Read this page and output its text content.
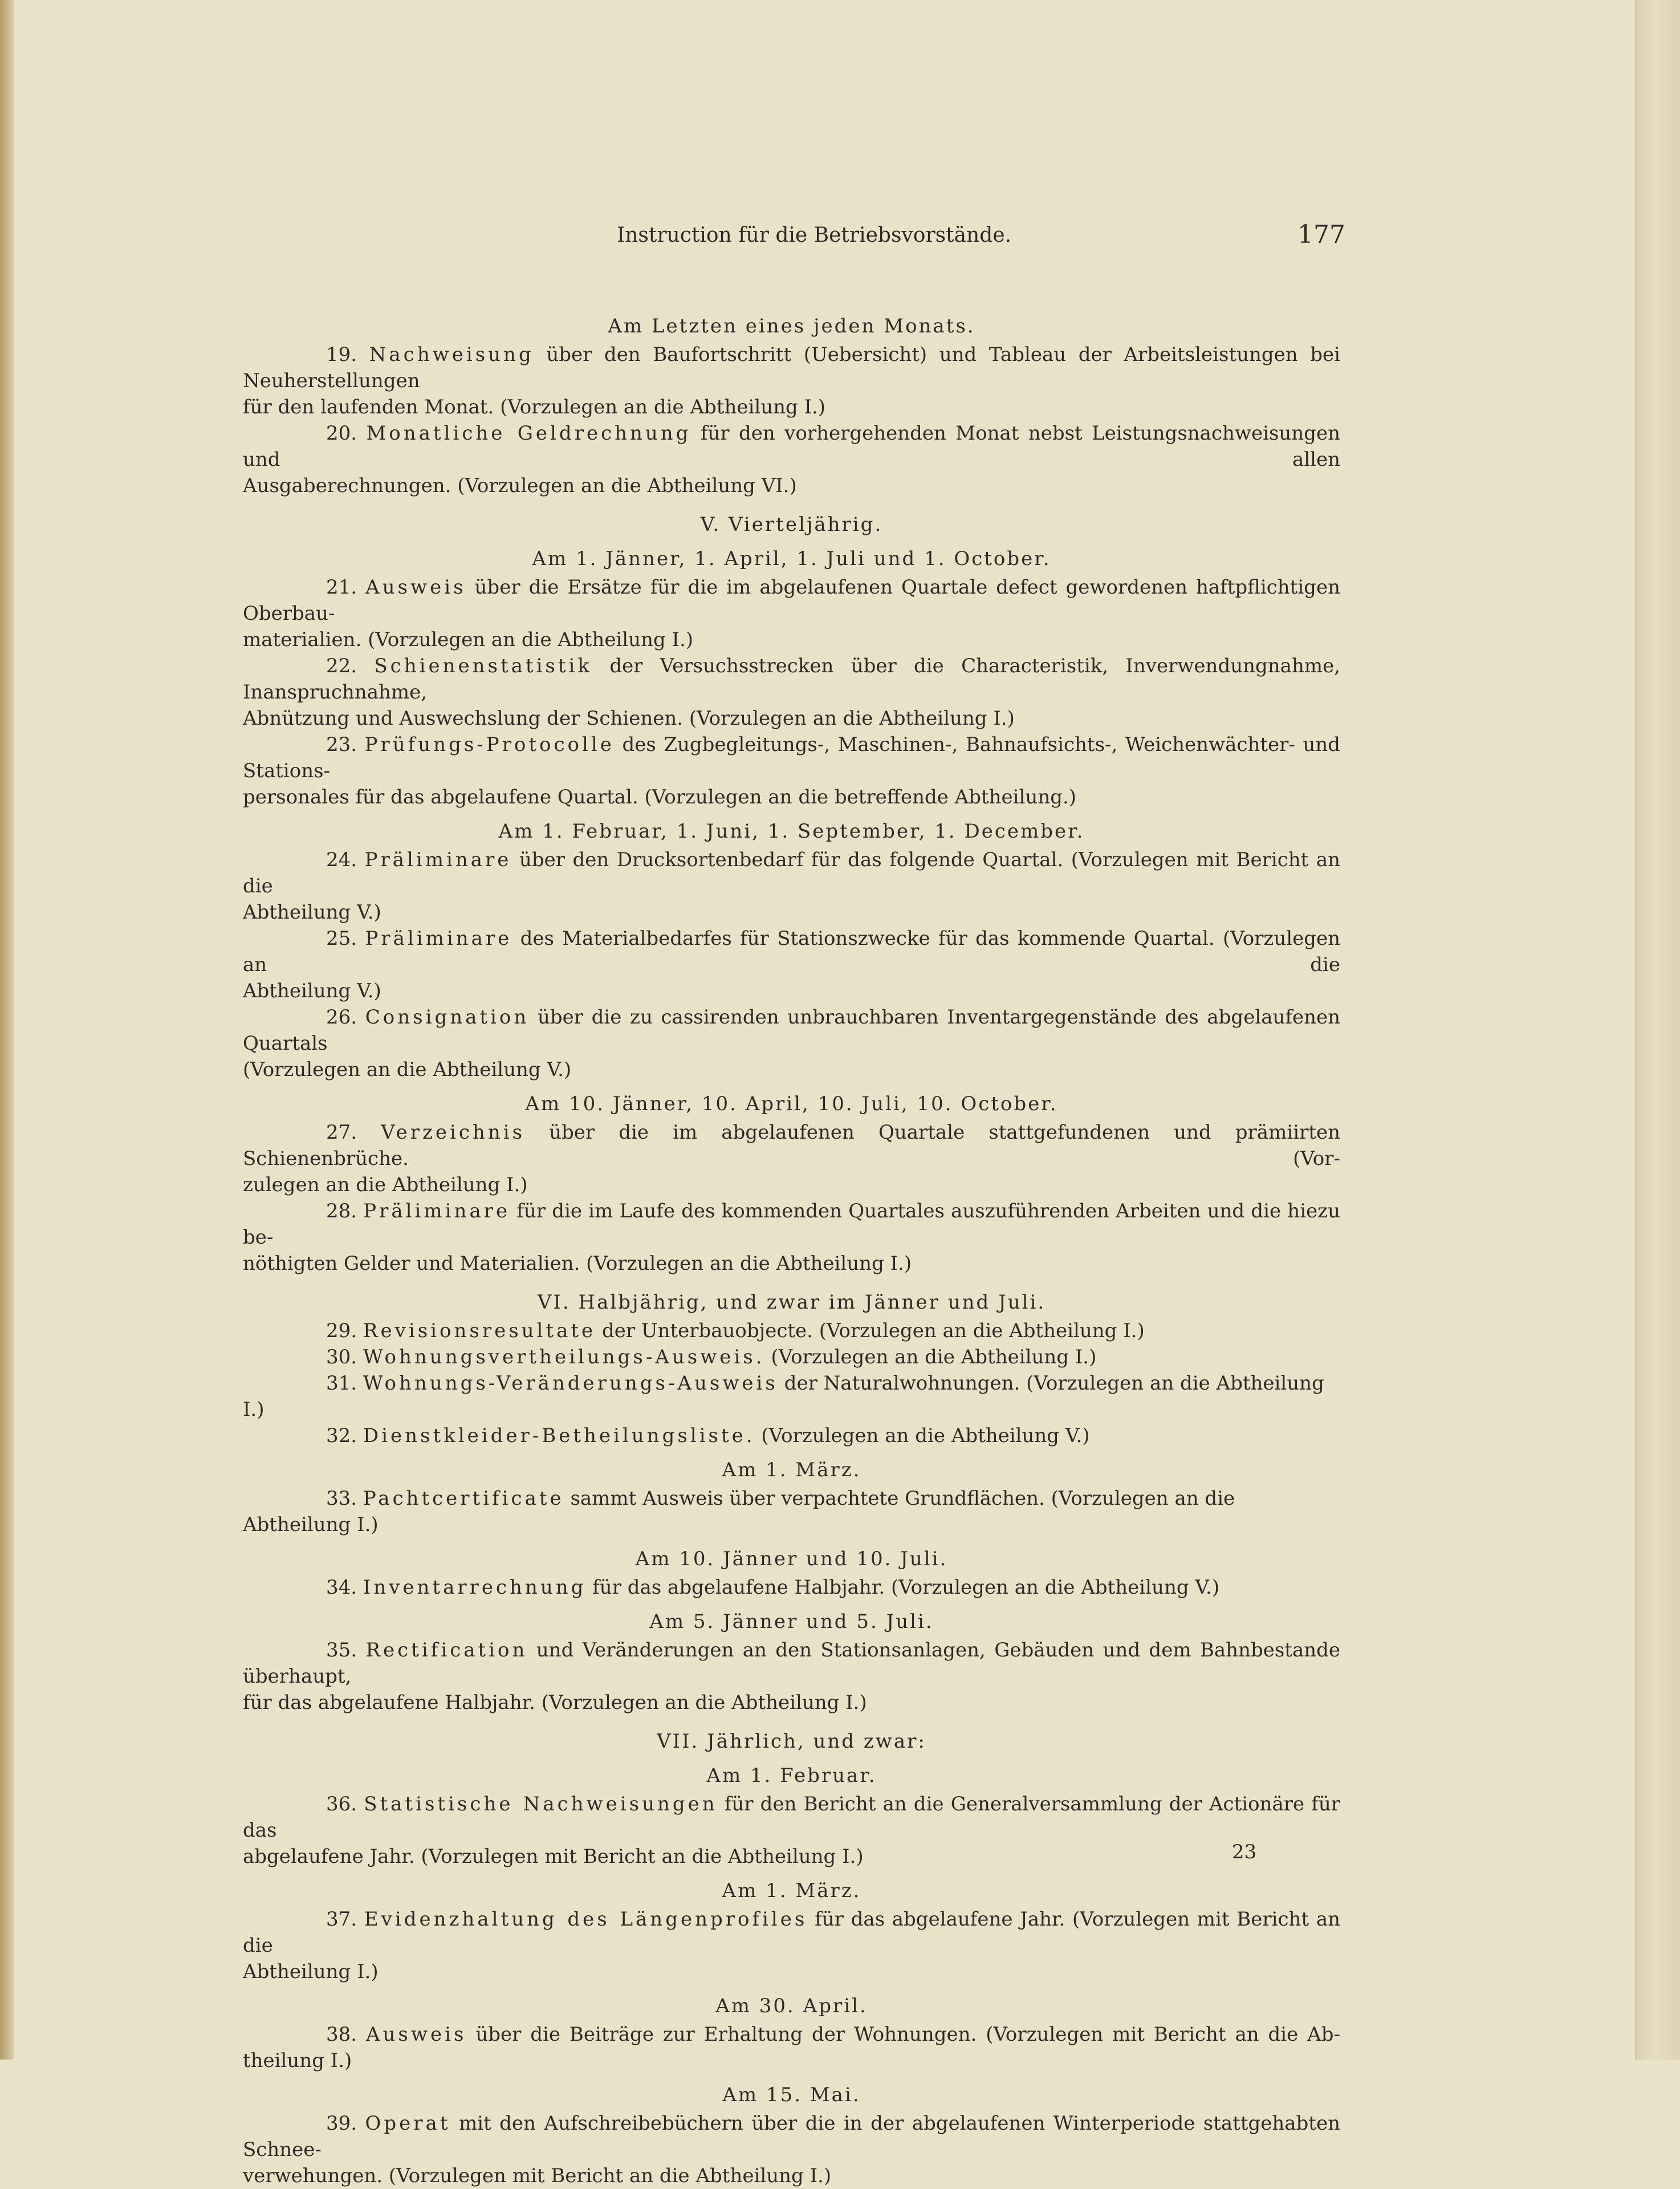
Instruction für die Betriebsvorstände.	177
Am Letzten eines jeden Monats.
19. Nachweisung über den Baufortschritt (Uebersicht) und Tableau der Arbeitsleistungen bei Neuherstellungen
für den laufenden Monat. (Vorzulegen an die Abtheilung I.)
20. Monatliche Geldrechnung für den vorhergehenden Monat nebst Leistungsnachweisungen und allen
Ausgaberechnungen. (Vorzulegen an die Abtheilung VI.)
V. Vierteljährig.
Am 1. Jänner, 1. April, 1. Juli und 1. October.
21. Ausweis über die Ersätze für die im abgelaufenen Quartale defect gewordenen haftpflichtigen Oberbau-
materialien. (Vorzulegen an die Abtheilung I.)
22. Schienenstatistik der Versuchsstrecken über die Characteristik, Inverwendungnahme, Inanspruchnahme,
Abnützung und Auswechslung der Schienen. (Vorzulegen an die Abtheilung I.)
23. Prüfungs-Protocolle des Zugbegleitungs-, Maschinen-, Bahnaufsichts-, Weichenwächter- und Stations-
personales für das abgelaufene Quartal. (Vorzulegen an die betreffende Abtheilung.)
Am 1. Februar, 1. Juni, 1. September, 1. December.
24. Präliminare über den Drucksortenbedarf für das folgende Quartal. (Vorzulegen mit Bericht an die
Abtheilung V.)
25. Präliminare des Materialbedarfes für Stationszwecke für das kommende Quartal. (Vorzulegen an die
Abtheilung V.)
26. Consignation über die zu cassirenden unbrauchbaren Inventargegenstände des abgelaufenen Quartals
(Vorzulegen an die Abtheilung V.)
Am 10. Jänner, 10. April, 10. Juli, 10. October.
27. Verzeichnis über die im abgelaufenen Quartale stattgefundenen und prämiirten Schienenbrüche. (Vor-
zulegen an die Abtheilung I.)
28. Präliminare für die im Laufe des kommenden Quartales auszuführenden Arbeiten und die hiezu be-
nöthigten Gelder und Materialien. (Vorzulegen an die Abtheilung I.)
VI. Halbjährig, und zwar im Jänner und Juli.
29. Revisionsresultate der Unterbauobjecte. (Vorzulegen an die Abtheilung I.)
30. Wohnungsvertheilungs-Ausweis. (Vorzulegen an die Abtheilung I.)
31. Wohnungs-Veränderungs-Ausweis der Naturalwohnungen. (Vorzulegen an die Abtheilung I.)
32. Dienstkleider-Betheilungsliste. (Vorzulegen an die Abtheilung V.)
Am 1. März.
33. Pachtcertificate sammt Ausweis über verpachtete Grundflächen. (Vorzulegen an die Abtheilung I.)
Am 10. Jänner und 10. Juli.
34. Inventarrechnung für das abgelaufene Halbjahr. (Vorzulegen an die Abtheilung V.)
Am 5. Jänner und 5. Juli.
35. Rectification und Veränderungen an den Stationsanlagen, Gebäuden und dem Bahnbestande überhaupt,
für das abgelaufene Halbjahr. (Vorzulegen an die Abtheilung I.)
VII. Jährlich, und zwar:
Am 1. Februar.
36. Statistische Nachweisungen für den Bericht an die Generalversammlung der Actionäre für das
abgelaufene Jahr. (Vorzulegen mit Bericht an die Abtheilung I.)
Am 1. März.
37. Evidenzhaltung des Längenprofiles für das abgelaufene Jahr. (Vorzulegen mit Bericht an die
Abtheilung I.)
Am 30. April.
38. Ausweis über die Beiträge zur Erhaltung der Wohnungen. (Vorzulegen mit Bericht an die Ab-
theilung I.)
Am 15. Mai.
39. Operat mit den Aufschreibebüchern über die in der abgelaufenen Winterperiode stattgehabten Schnee-
verwehungen. (Vorzulegen mit Bericht an die Abtheilung I.)
23
